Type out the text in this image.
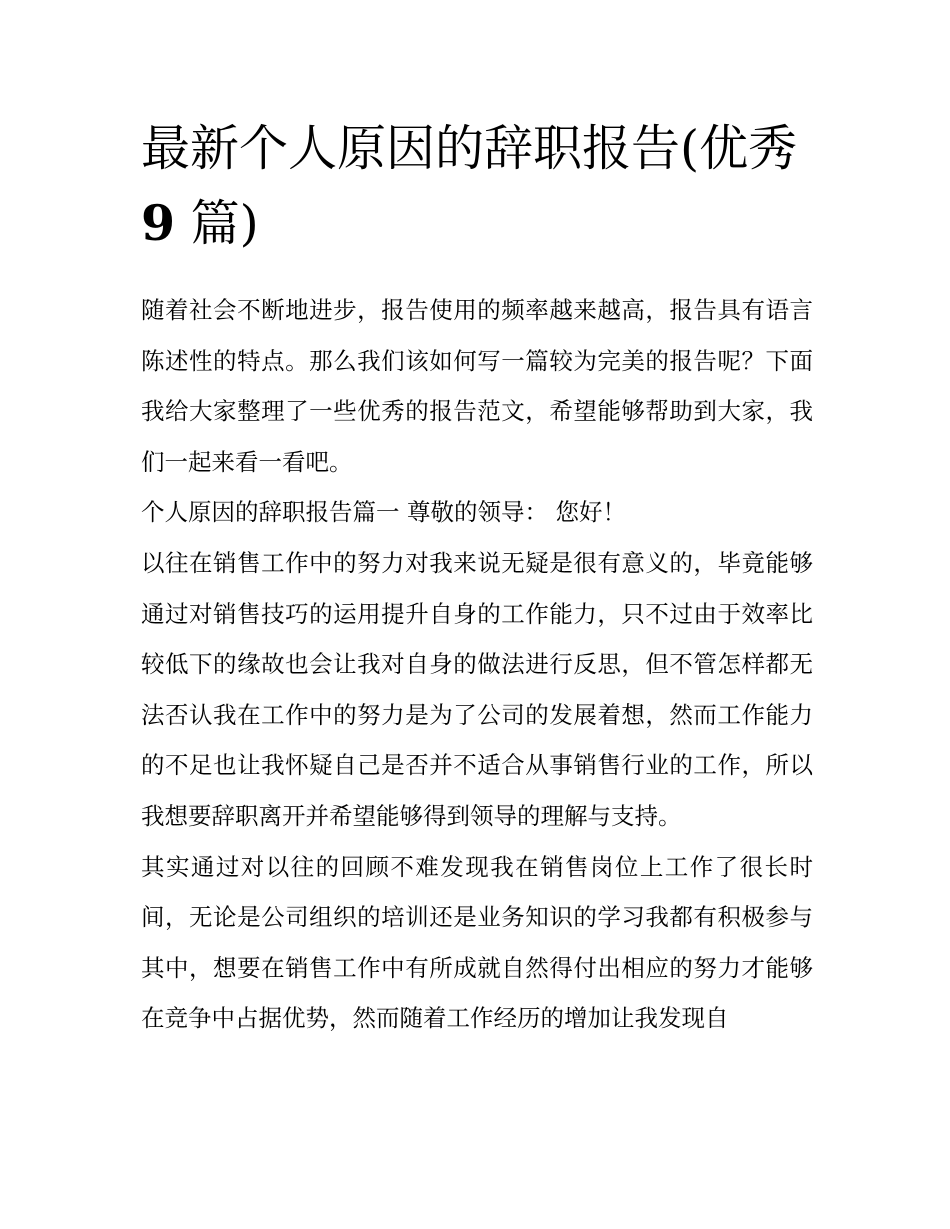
最新个人原因的辞职报告(优秀
9 篇)

随着社会不断地进步，报告使用的频率越来越高，报告具有语言陈述性的特点。那么我们该如何写一篇较为完美的报告呢？下面我给大家整理了一些优秀的报告范文，希望能够帮助到大家，我们一起来看一看吧。

个人原因的辞职报告篇一 尊敬的领导： 您好！

以往在销售工作中的努力对我来说无疑是很有意义的，毕竟能够通过对销售技巧的运用提升自身的工作能力，只不过由于效率比较低下的缘故也会让我对自身的做法进行反思，但不管怎样都无法否认我在工作中的努力是为了公司的发展着想，然而工作能力的不足也让我怀疑自己是否并不适合从事销售行业的工作，所以我想要辞职离开并希望能够得到领导的理解与支持。

其实通过对以往的回顾不难发现我在销售岗位上工作了很长时间，无论是公司组织的培训还是业务知识的学习我都有积极参与其中，想要在销售工作中有所成就自然得付出相应的努力才能够在竞争中占据优势，然而随着工作经历的增加让我发现自
